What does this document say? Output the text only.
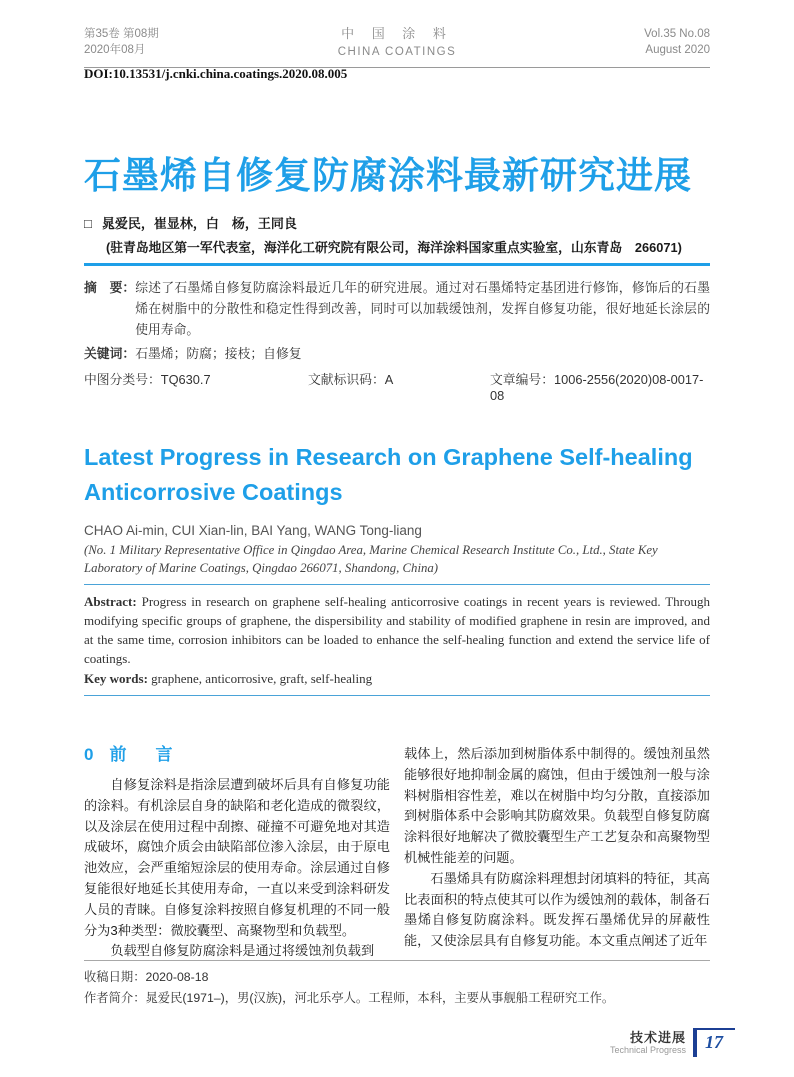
第35卷 第08期
2020年08月
中 国 涂 料
CHINA COATINGS
Vol.35 No.08
August 2020
DOI:10.13531/j.cnki.china.coatings.2020.08.005
石墨烯自修复防腐涂料最新研究进展
□ 晁爱民，崔显林，白　杨，王同良
(驻青岛地区第一军代表室，海洋化工研究院有限公司，海洋涂料国家重点实验室，山东青岛　266071)
摘　要： 综述了石墨烯自修复防腐涂料最近几年的研究进展。通过对石墨烯特定基团进行修饰，修饰后的石墨烯在树脂中的分散性和稳定性得到改善，同时可以加载缓蚀剂，发挥自修复功能，很好地延长涂层的使用寿命。
关键词：石墨烯；防腐；接枝；自修复
中图分类号：TQ630.7	文献标识码：A	文章编号：1006-2556(2020)08-0017-08
Latest Progress in Research on Graphene Self-healing
Anticorrosive Coatings
CHAO Ai-min, CUI Xian-lin, BAI Yang, WANG Tong-liang
(No. 1 Military Representative Office in Qingdao Area, Marine Chemical Research Institute Co., Ltd., State Key Laboratory of Marine Coatings, Qingdao 266071, Shandong, China)
Abstract: Progress in research on graphene self-healing anticorrosive coatings in recent years is reviewed. Through modifying specific groups of graphene, the dispersibility and stability of modified graphene in resin are improved, and at the same time, corrosion inhibitors can be loaded to enhance the self-healing function and extend the service life of coatings.
Key words: graphene, anticorrosive, graft, self-healing
0 前　言

自修复涂料是指涂层遭到破坏后具有自修复功能的涂料。有机涂层自身的缺陷和老化造成的微裂纹，以及涂层在使用过程中刮擦、碰撞不可避免地对其造成破坏，腐蚀介质会由缺陷部位渗入涂层，由于原电池效应，会严重缩短涂层的使用寿命。涂层通过自修复能很好地延长其使用寿命，一直以来受到涂料研发人员的青睐。自修复涂料按照自修复机理的不同一般分为3种类型：微胶囊型、高聚物型和负载型。

负载型自修复防腐涂料是通过将缓蚀剂负载到

载体上，然后添加到树脂体系中制得的。缓蚀剂虽然能够很好地抑制金属的腐蚀，但由于缓蚀剂一般与涂料树脂相容性差，难以在树脂中均匀分散，直接添加到树脂体系中会影响其防腐效果。负载型自修复防腐涂料很好地解决了微胶囊型生产工艺复杂和高聚物型机械性能差的问题。

石墨烯具有防腐涂料理想封闭填料的特征，其高比表面积的特点使其可以作为缓蚀剂的载体，制备石墨烯自修复防腐涂料。既发挥石墨烯优异的屏蔽性能，又使涂层具有自修复功能。本文重点阐述了近年

收稿日期：2020-08-18
作者简介：晁爱民(1971–)，男(汉族)，河北乐亭人。工程师，本科，主要从事舰船工程研究工作。
技术进展
Technical Progress	17
